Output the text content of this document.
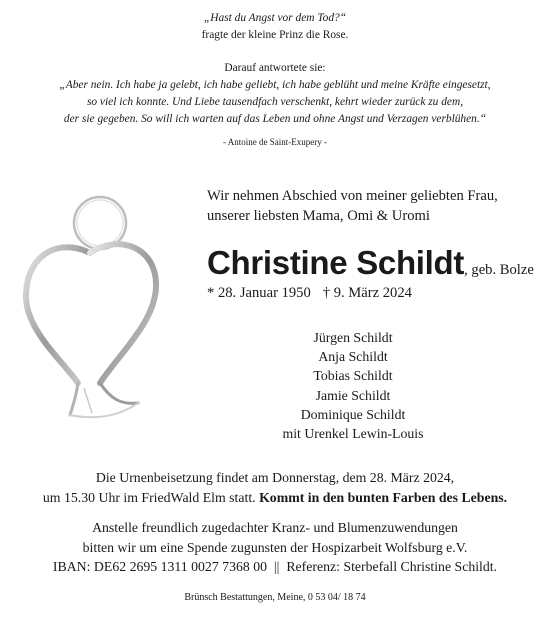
„Hast du Angst vor dem Tod?“
fragte der kleine Prinz die Rose.
Darauf antwortete sie:
„Aber nein. Ich habe ja gelebt, ich habe geliebt, ich habe geblüht und meine Kräfte eingesetzt,
so viel ich konnte. Und Liebe tausendfach verschenkt, kehrt wieder zurück zu dem,
der sie gegeben. So will ich warten auf das Leben und ohne Angst und Verzagen verblühen.“
- Antoine de Saint-Exupery -
Wir nehmen Abschied von meiner geliebten Frau,
unserer liebsten Mama, Omi & Uromi
Christine Schildt, geb. Bolze
* 28. Januar 1950 † 9. März 2024
Jürgen Schildt
Anja Schildt
Tobias Schildt
Jamie Schildt
Dominique Schildt
mit Urenkel Lewin-Louis
Die Urnenbeisetzung findet am Donnerstag, dem 28. März 2024,
um 15.30 Uhr im FriedWald Elm statt. Kommt in den bunten Farben des Lebens.
Anstelle freundlich zugedachter Kranz- und Blumenzuwendungen
bitten wir um eine Spende zugunsten der Hospizarbeit Wolfsburg e.V.
IBAN: DE62 2695 1311 0027 7368 00  ||  Referenz: Sterbefall Christine Schildt.
Brünsch Bestattungen, Meine, 0 53 04/ 18 74
